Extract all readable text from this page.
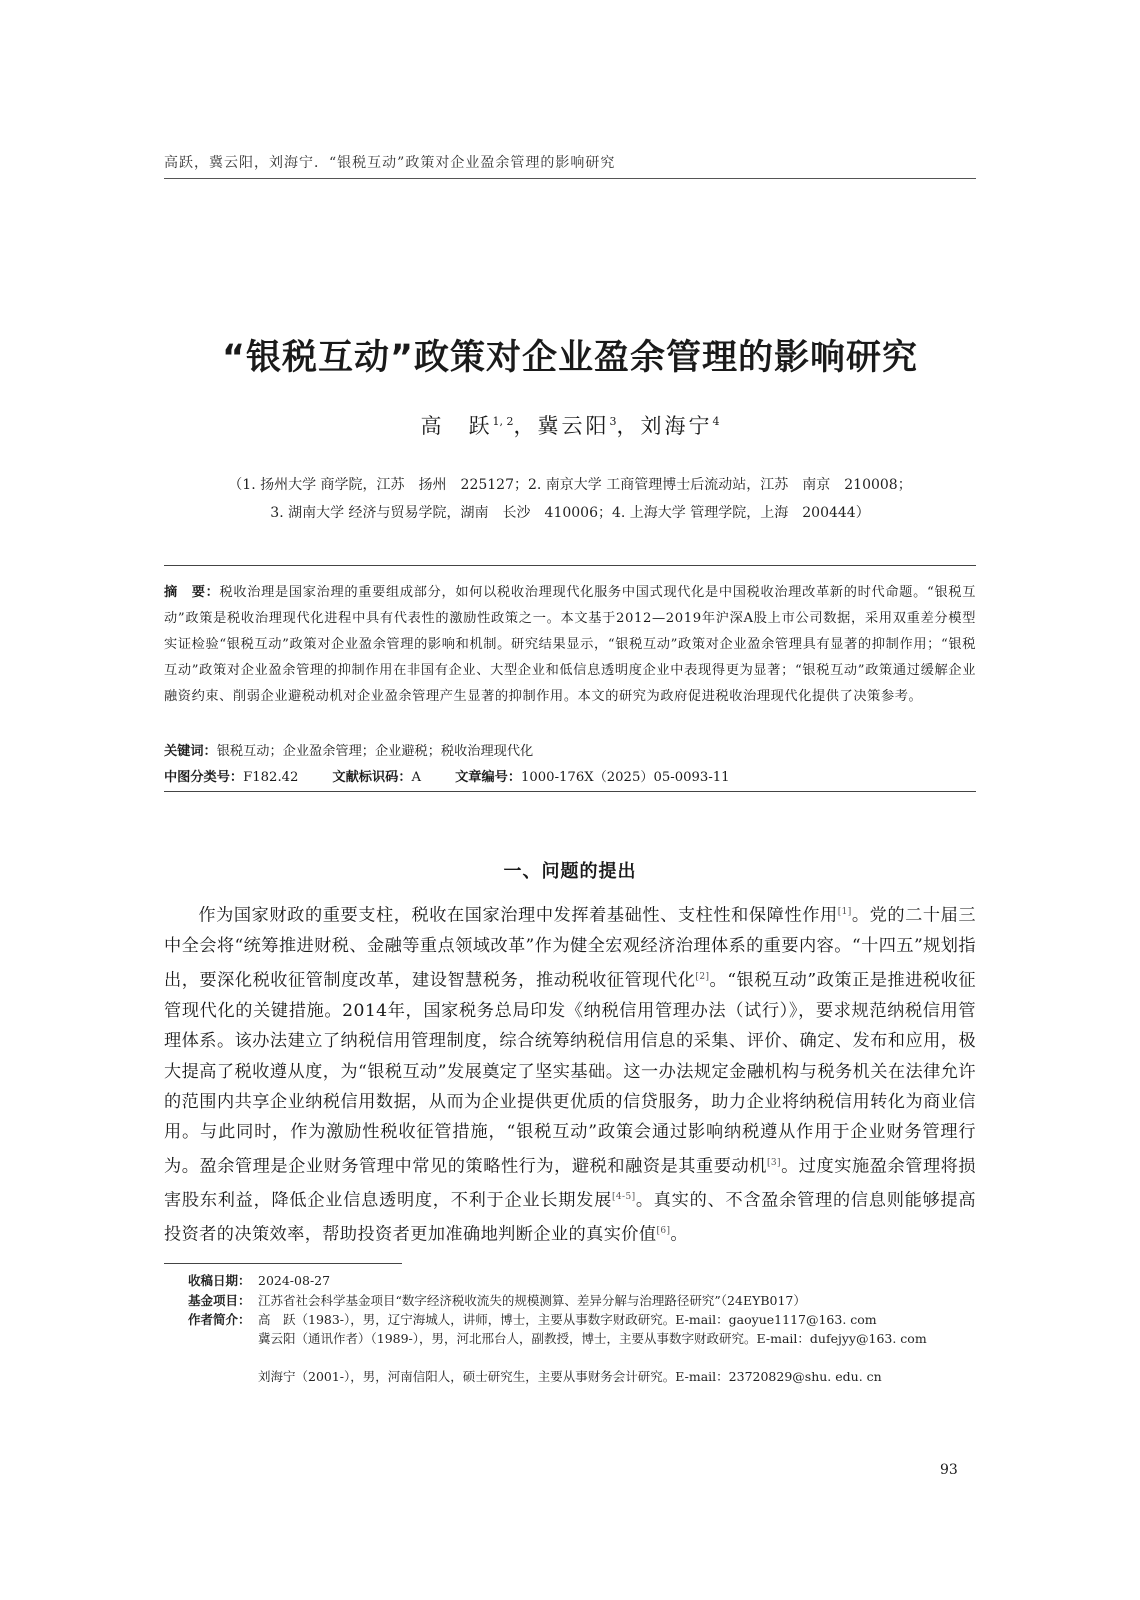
高跃，冀云阳，刘海宁．“银税互动”政策对企业盈余管理的影响研究
“银税互动”政策对企业盈余管理的影响研究
高　跃$^{1, 2}$，冀云阳$^3$，刘海宁$^4$
（1. 扬州大学 商学院，江苏　扬州　225127；2. 南京大学 工商管理博士后流动站，江苏　南京　210008；
3. 湖南大学 经济与贸易学院，湖南　长沙　410006；4. 上海大学 管理学院，上海　200444）
摘　要：税收治理是国家治理的重要组成部分，如何以税收治理现代化服务中国式现代化是中国税收治理改革新的时代命题。“银税互动”政策是税收治理现代化进程中具有代表性的激励性政策之一。本文基于2012—2019年沪深A股上市公司数据，采用双重差分模型实证检验“银税互动”政策对企业盈余管理的影响和机制。研究结果显示，“银税互动”政策对企业盈余管理具有显著的抑制作用；“银税互动”政策对企业盈余管理的抑制作用在非国有企业、大型企业和低信息透明度企业中表现得更为显著；“银税互动”政策通过缓解企业融资约束、削弱企业避税动机对企业盈余管理产生显著的抑制作用。本文的研究为政府促进税收治理现代化提供了决策参考。
关键词：银税互动；企业盈余管理；企业避税；税收治理现代化
中图分类号：F182.42	文献标识码：A	文章编号：1000-176X（2025）05-0093-11
一、问题的提出
作为国家财政的重要支柱，税收在国家治理中发挥着基础性、支柱性和保障性作用[1]。党的二十届三中全会将“统筹推进财税、金融等重点领域改革”作为健全宏观经济治理体系的重要内容。“十四五”规划指出，要深化税收征管制度改革，建设智慧税务，推动税收征管现代化[2]。“银税互动”政策正是推进税收征管现代化的关键措施。2014年，国家税务总局印发《纳税信用管理办法（试行）》，要求规范纳税信用管理体系。该办法建立了纳税信用管理制度，综合统筹纳税信用信息的采集、评价、确定、发布和应用，极大提高了税收遵从度，为“银税互动”发展奠定了坚实基础。这一办法规定金融机构与税务机关在法律允许的范围内共享企业纳税信用数据，从而为企业提供更优质的信贷服务，助力企业将纳税信用转化为商业信用。与此同时，作为激励性税收征管措施，“银税互动”政策会通过影响纳税遵从作用于企业财务管理行为。盈余管理是企业财务管理中常见的策略性行为，避税和融资是其重要动机[3]。过度实施盈余管理将损害股东利益，降低企业信息透明度，不利于企业长期发展[4-5]。真实的、不含盈余管理的信息则能够提高投资者的决策效率，帮助投资者更加准确地判断企业的真实价值[6]。
收稿日期： 2024-08-27
基金项目： 江苏省社会科学基金项目“数字经济税收流失的规模测算、差异分解与治理路径研究”（24EYB017）
作者简介： 高　跃（1983-），男，辽宁海城人，讲师，博士，主要从事数字财政研究。E-mail：gaoyue1117@163. com
冀云阳（通讯作者）（1989-），男，河北邢台人，副教授，博士，主要从事数字财政研究。E-mail：dufejyy@163. com
刘海宁（2001-），男，河南信阳人，硕士研究生，主要从事财务会计研究。E-mail：23720829@shu. edu. cn
93
